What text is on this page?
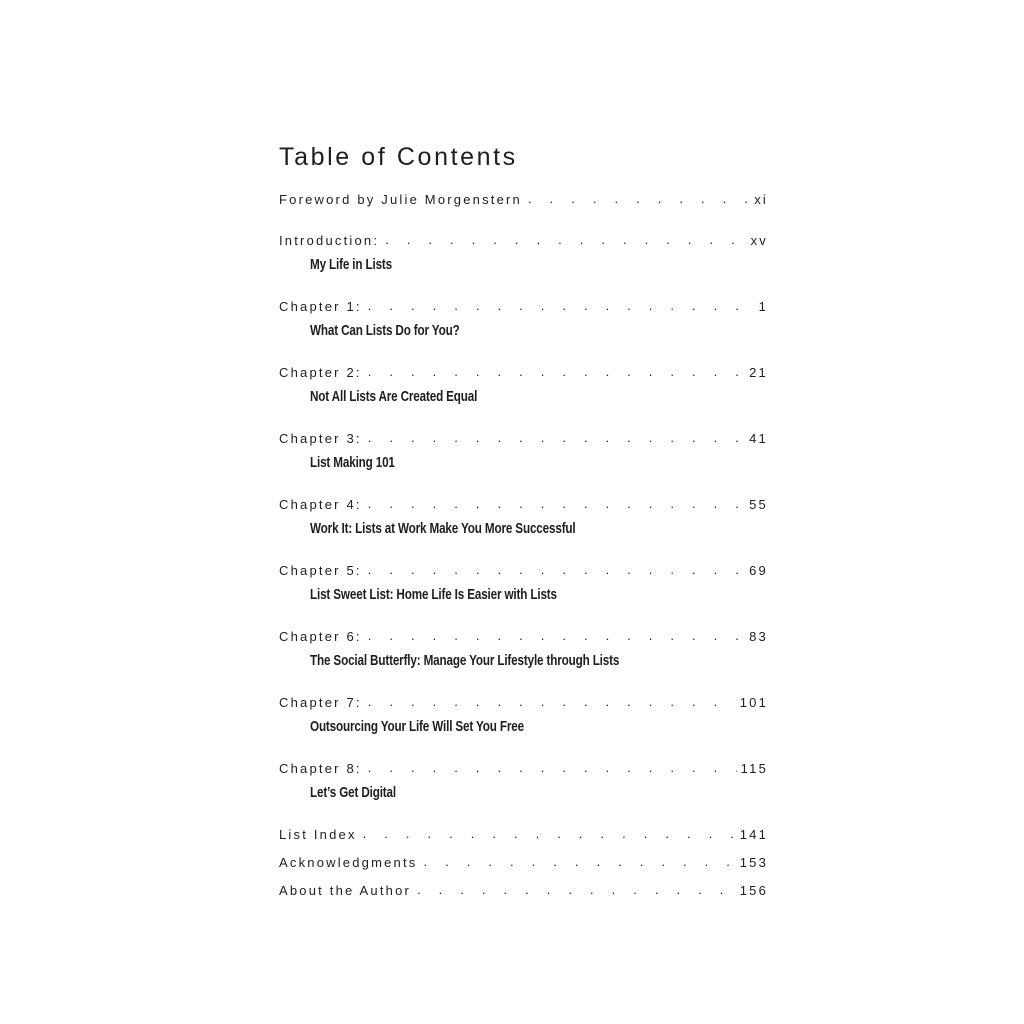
Table of Contents
Foreword by Julie Morgenstern . . .	xi
Introduction: . . .	xv
My Life in Lists
Chapter 1: . . .	1
What Can Lists Do for You?
Chapter 2: . . .	21
Not All Lists Are Created Equal
Chapter 3: . . .	41
List Making 101
Chapter 4: . . .	55
Work It: Lists at Work Make You More Successful
Chapter 5: . . .	69
List Sweet List: Home Life Is Easier with Lists
Chapter 6: . . .	83
The Social Butterfly: Manage Your Lifestyle through Lists
Chapter 7: . . .	101
Outsourcing Your Life Will Set You Free
Chapter 8: . . .	115
Let’s Get Digital
List Index . . .	141
Acknowledgments . . .	153
About the Author . . .	156
